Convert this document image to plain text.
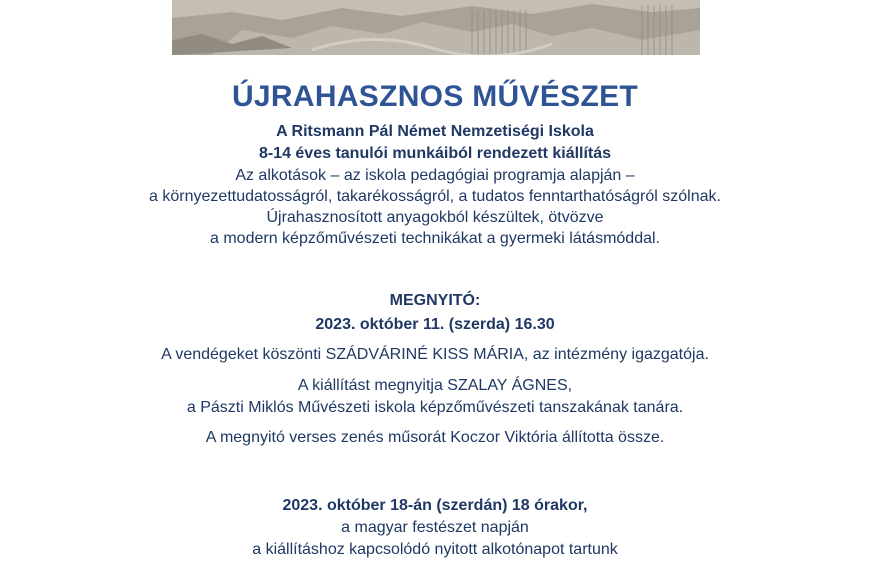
ÚJRAHASZNOS MŰVÉSZET
A Ritsmann Pál Német Nemzetiségi Iskola
8-14 éves tanulói munkáiból rendezett kiállítás
Az alkotások – az iskola pedagógiai programja alapján –
a környezettudatosságról, takarékosságról, a tudatos fenntarthatóságról szólnak.
Újrahasznosított anyagokból készültek, ötvözve
a modern képzőművészeti technikákat a gyermeki látásmóddal.
MEGNYITÓ:
2023. október 11. (szerda) 16.30
A vendégeket köszönti SZÁDVÁRINÉ KISS MÁRIA, az intézmény igazgatója.
A kiállítást megnyitja SZALAY ÁGNES,
a Pászti Miklós Művészeti iskola képzőművészeti tanszakának tanára.
A megnyitó verses zenés műsorát Koczor Viktória állította össze.
2023. október 18-án (szerdán) 18 órakor,
a magyar festészet napján
a kiállításhoz kapcsolódó nyitott alkotónapot tartunk
